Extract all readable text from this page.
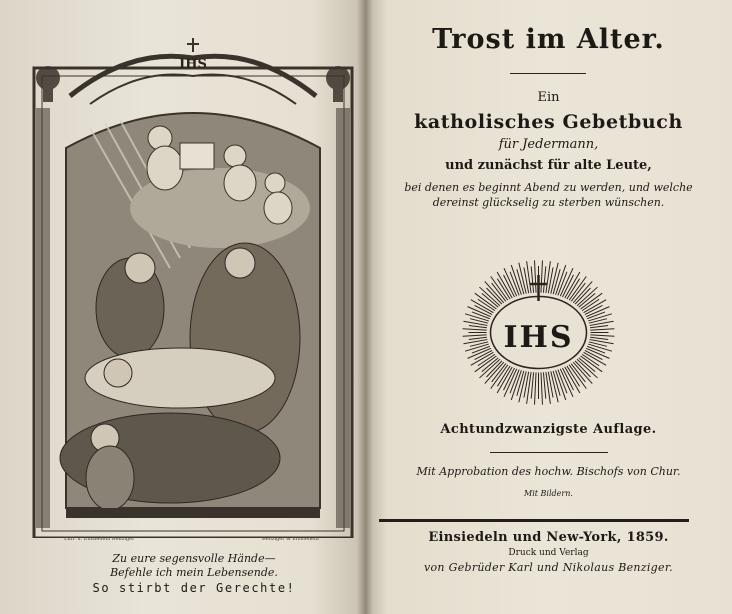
IHS
Lith. u. Einsiedeln Benziger	Benziger & Einsiedeln
Zu eure segensvolle Hände—
Befehle ich mein Lebensende.
So stirbt der Gerechte!
Trost im Alter.
Ein
katholisches Gebetbuch
für Jedermann,
und zunächst für alte Leute,
bei denen es beginnt Abend zu werden, und welche
dereinst glückselig zu sterben wünschen.
IHS
Achtundzwanzigste Auflage.
Mit Approbation des hochw. Bischofs von Chur.
Mit Bildern.
Einsiedeln und New-York, 1859.
Druck und Verlag
von Gebrüder Karl und Nikolaus Benziger.
